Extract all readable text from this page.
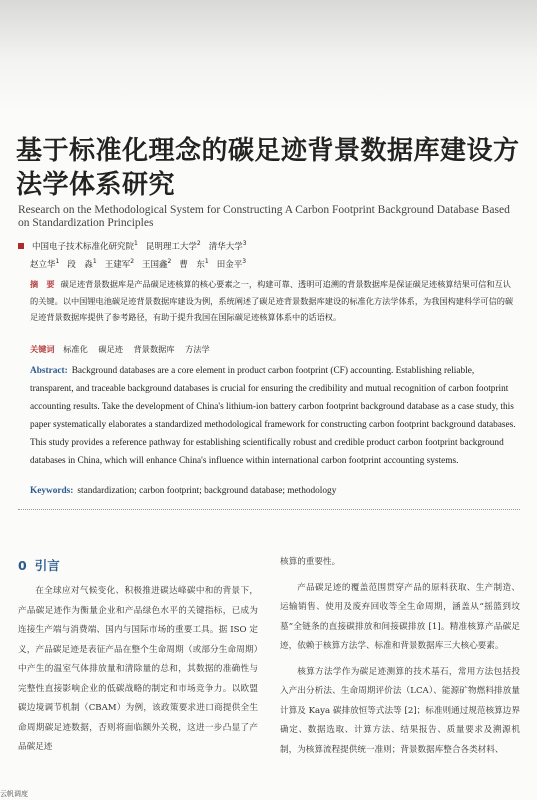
基于标准化理念的碳足迹背景数据库建设方法学体系研究
Research on the Methodological System for Constructing A Carbon Footprint Background Database Based on Standardization Principles
中国电子技术标准化研究院$^1$ 昆明理工大学$^2$ 清华大学$^3$
赵立华$^1$ 段　淼$^1$ 王建军$^2$ 王国鑫$^2$ 曹　东$^1$ 田金平$^3$
摘　要 碳足迹背景数据库是产品碳足迹核算的核心要素之一，构建可靠、透明可追溯的背景数据库是保证碳足迹核算结果可信和互认的关键。以中国锂电池碳足迹背景数据库建设为例，系统阐述了碳足迹背景数据库建设的标准化方法学体系，为我国构建科学可信的碳足迹背景数据库提供了参考路径，有助于提升我国在国际碳足迹核算体系中的话语权。
关键词 标准化 碳足迹 背景数据库 方法学
Abstract: Background databases are a core element in product carbon footprint (CF) accounting. Establishing reliable, transparent, and traceable background databases is crucial for ensuring the credibility and mutual recognition of carbon footprint accounting results. Take the development of China's lithium-ion battery carbon footprint background database as a case study, this paper systematically elaborates a standardized methodological framework for constructing carbon footprint background databases. This study provides a reference pathway for establishing scientifically robust and credible product carbon footprint background databases in China, which will enhance China's influence within international carbon footprint accounting systems.
Keywords: standardization; carbon footprint; background database; methodology
0 引言

在全球应对气候变化、积极推进碳达峰碳中和的背景下，产品碳足迹作为衡量企业和产品绿色水平的关键指标，已成为连接生产端与消费端、国内与国际市场的重要工具。据 ISO 定义，产品碳足迹是表征产品在整个生命周期（或部分生命周期）中产生的温室气体排放量和清除量的总和，其数据的准确性与完整性直接影响企业的低碳战略的制定和市场竞争力。以欧盟碳边境调节机制（CBAM）为例，该政策要求进口商提供全生命周期碳足迹数据，否则将面临额外关税，这进一步凸显了产品碳足迹

核算的重要性。

产品碳足迹的覆盖范围贯穿产品的原料获取、生产制造、运输销售、使用及废弃回收等全生命周期，涵盖从“摇篮到坟墓”全链条的直接碳排放和间接碳排放 [1]。精准核算产品碳足迹，依赖于核算方法学、标准和背景数据库三大核心要素。

核算方法学作为碳足迹测算的技术基石，常用方法包括投入产出分析法、生命周期评价法（LCA）、能源矿物燃料排放量计算及 Kaya 碳排放恒等式法等 [2]；标准则通过规范核算边界确定、数据选取、计算方法、结果报告、质量要求及溯源机制，为核算流程提供统一准则；背景数据库整合各类材料、

云帆调度
